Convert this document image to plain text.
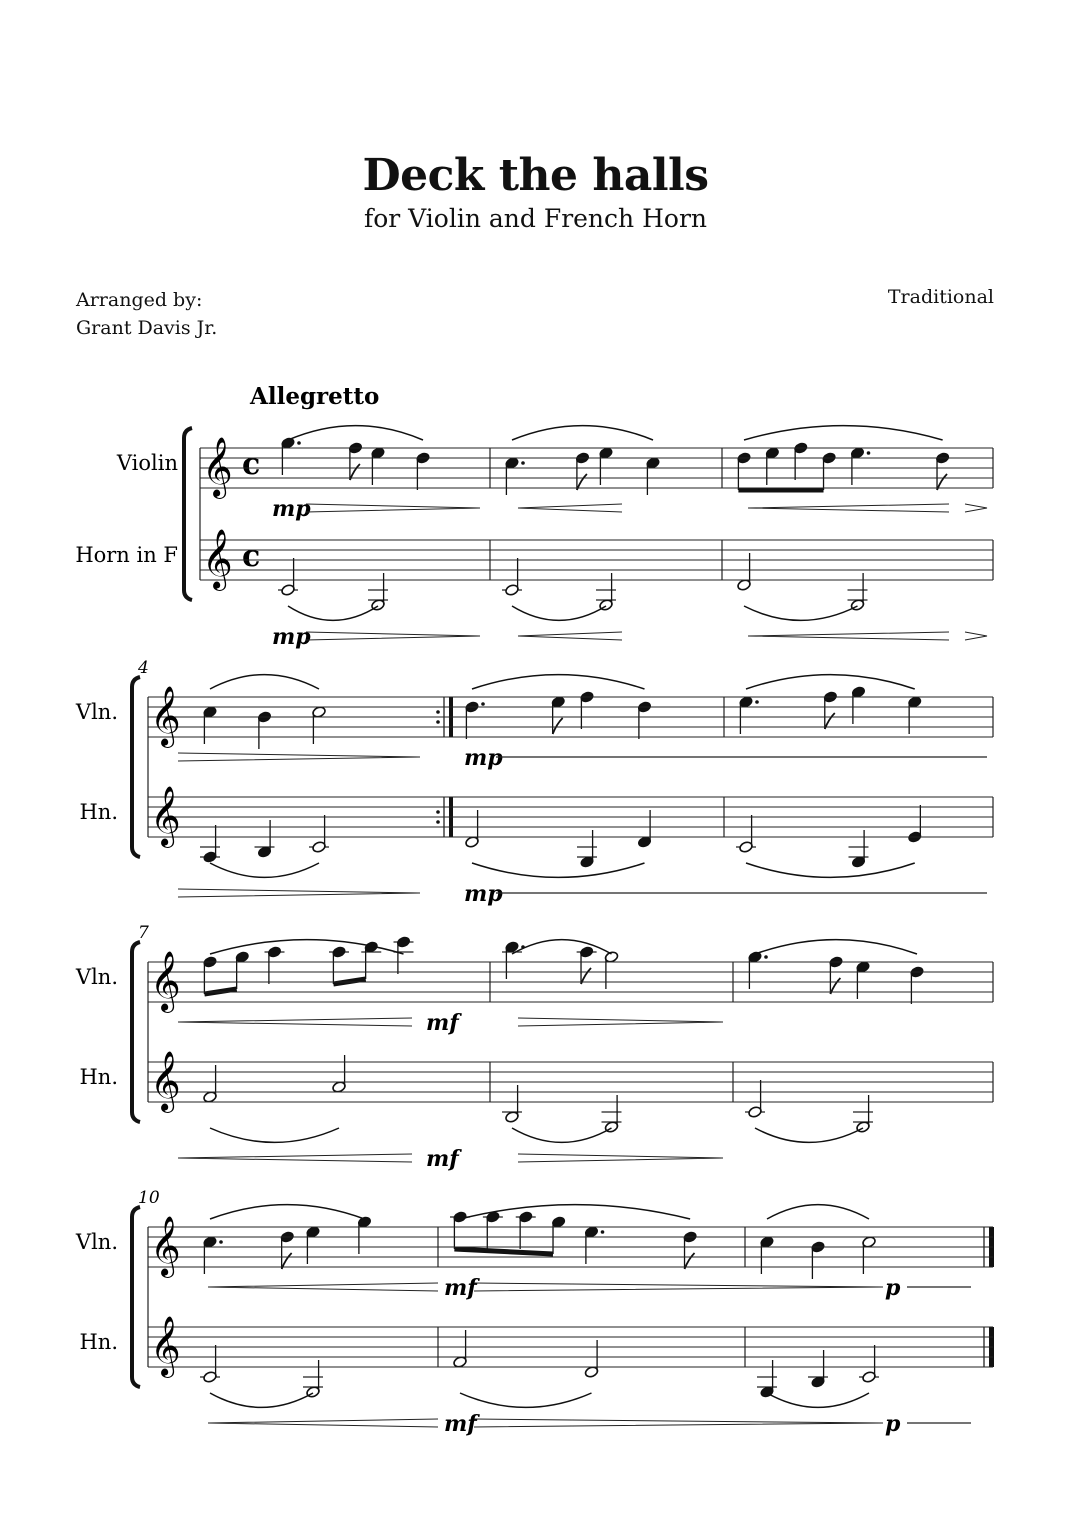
Deck the halls
for Violin and French Horn
Arranged by:
Grant Davis Jr.
Traditional
Violin
Horn in F
c
c
mp
mp
𝄞
𝄞
Vln.
Hn.
4
mp
mp
𝄞
𝄞
Vln.
Hn.
7
mf
mf
𝄞
𝄞
Vln.
Hn.
10
mf	p
mf	p
𝄞
𝄞
Allegretto
